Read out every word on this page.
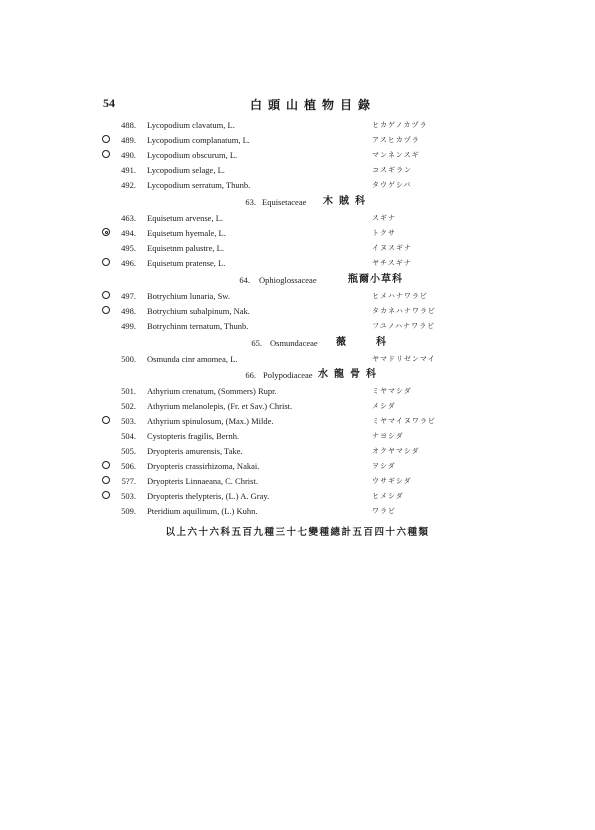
54	白頭山植物目錄
488. Lycopodium clavatum, L.	ヒカゲノカヅラ
489. Lycopodium complanatum, L.	アスヒカヅラ
490. Lycopodium obscurum, L.	マンネンスギ
491. Lycopodium selage, L.	コスギラン
492. Lycopodium serratum, Thunb.	タウゲシバ
63. Equisetaceae 木賊科
463. Equisetum arvense, L.	スギナ
494. Equisetum hyemale, L.	トクサ
495. Equisetnm palustre, L.	イヌスギナ
496. Equisetum pratense, L.	ヤチスギナ
64. Ophioglossaceae	瓶爾小草科
497. Botrychium lunaria, Sw.	ヒメハナワラビ
498. Botrychium subalpinum, Nak.	タカネハナワラビ
499. Botrychinm ternatum, Thunb.	フユノハナワラビ
65. Osmundaceae 薇　科
500. Osmunda cinr amomea, L.	ヤマドリゼンマイ
66. Polypodiaceae 水龍骨科
501. Athyrium crenatum, (Sommers) Rupr.	ミヤマシダ
502. Athyrium melanolepis, (Fr. et Sav.) Christ.	メシダ
503. Athyrium spinulosum, (Max.) Milde.	ミヤマイヌワラビ
504. Cystopteris fragilis, Bernh.	ナヨシダ
505. Dryopteris amurensis, Take.	オクヤマシダ
506. Dryopteris crassirhizoma, Nakai.	ヲシダ
5?7. Dryopteris Linnaeana, C. Christ.	ウサギシダ
503. Dryopteris thelypteris, (L.) A. Gray.	ヒメシダ
509. Pteridium aquilinum, (L.) Kuhn.	ワラビ
以上六十六科五百九種三十七變種總計五百四十六種類
